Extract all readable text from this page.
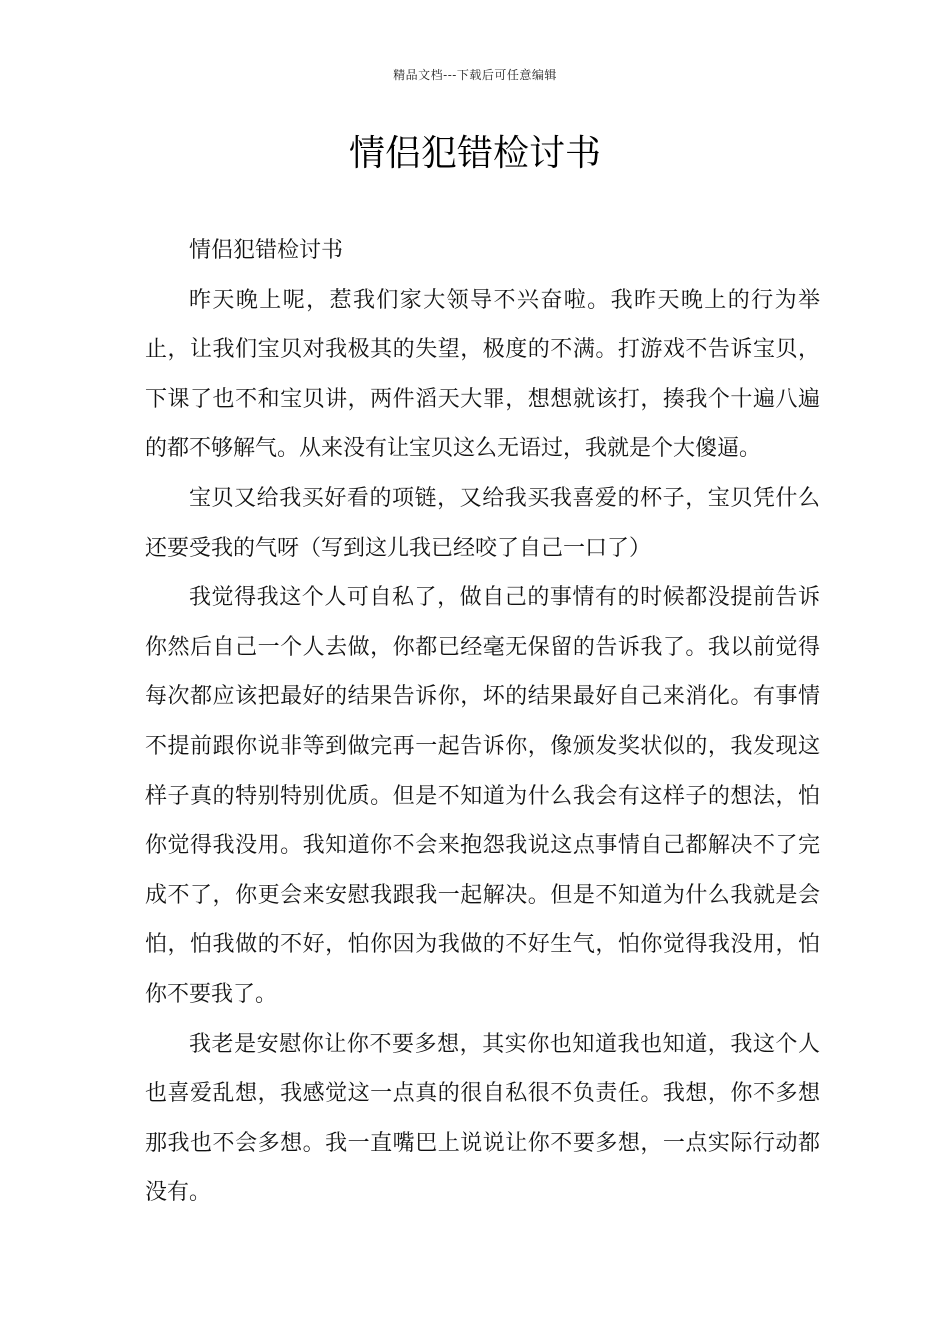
精品文档---下载后可任意编辑
情侣犯错检讨书

情侣犯错检讨书

昨天晚上呢，惹我们家大领导不兴奋啦。我昨天晚上的行为举止，让我们宝贝对我极其的失望，极度的不满。打游戏不告诉宝贝，下课了也不和宝贝讲，两件滔天大罪，想想就该打，揍我个十遍八遍的都不够解气。从来没有让宝贝这么无语过，我就是个大傻逼。

宝贝又给我买好看的项链，又给我买我喜爱的杯子，宝贝凭什么还要受我的气呀（写到这儿我已经咬了自己一口了）

我觉得我这个人可自私了，做自己的事情有的时候都没提前告诉你然后自己一个人去做，你都已经毫无保留的告诉我了。我以前觉得每次都应该把最好的结果告诉你，坏的结果最好自己来消化。有事情不提前跟你说非等到做完再一起告诉你，像颁发奖状似的，我发现这样子真的特别特别优质。但是不知道为什么我会有这样子的想法，怕你觉得我没用。我知道你不会来抱怨我说这点事情自己都解决不了完成不了，你更会来安慰我跟我一起解决。但是不知道为什么我就是会怕，怕我做的不好，怕你因为我做的不好生气，怕你觉得我没用，怕你不要我了。

我老是安慰你让你不要多想，其实你也知道我也知道，我这个人也喜爱乱想，我感觉这一点真的很自私很不负责任。我想，你不多想那我也不会多想。我一直嘴巴上说说让你不要多想，一点实际行动都没有。
